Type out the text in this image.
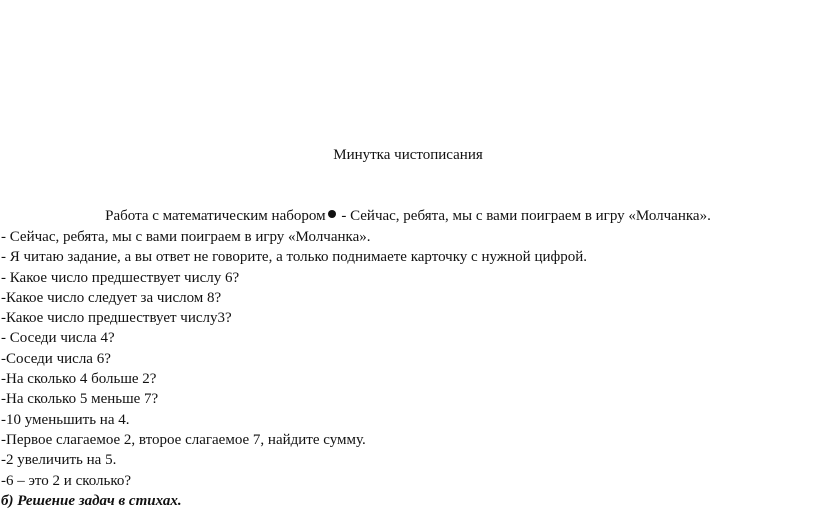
Минутка чистописания
Работа с математическим набором - Сейчас, ребята, мы с вами поиграем в игру «Молчанка».
- Сейчас, ребята, мы с вами поиграем в игру «Молчанка».
- Я читаю задание, а вы ответ не говорите, а только поднимаете карточку с нужной цифрой.
- Какое число предшествует числу 6?
-Какое число следует за числом 8?
-Какое число предшествует числу3?
- Соседи числа 4?
-Соседи числа 6?
-На сколько 4 больше 2?
-На сколько 5 меньше 7?
-10 уменьшить на 4.
-Первое слагаемое 2, второе слагаемое 7, найдите сумму.
-2 увеличить на 5.
-6 – это 2 и сколько?
б) Решение задач в стихах.
